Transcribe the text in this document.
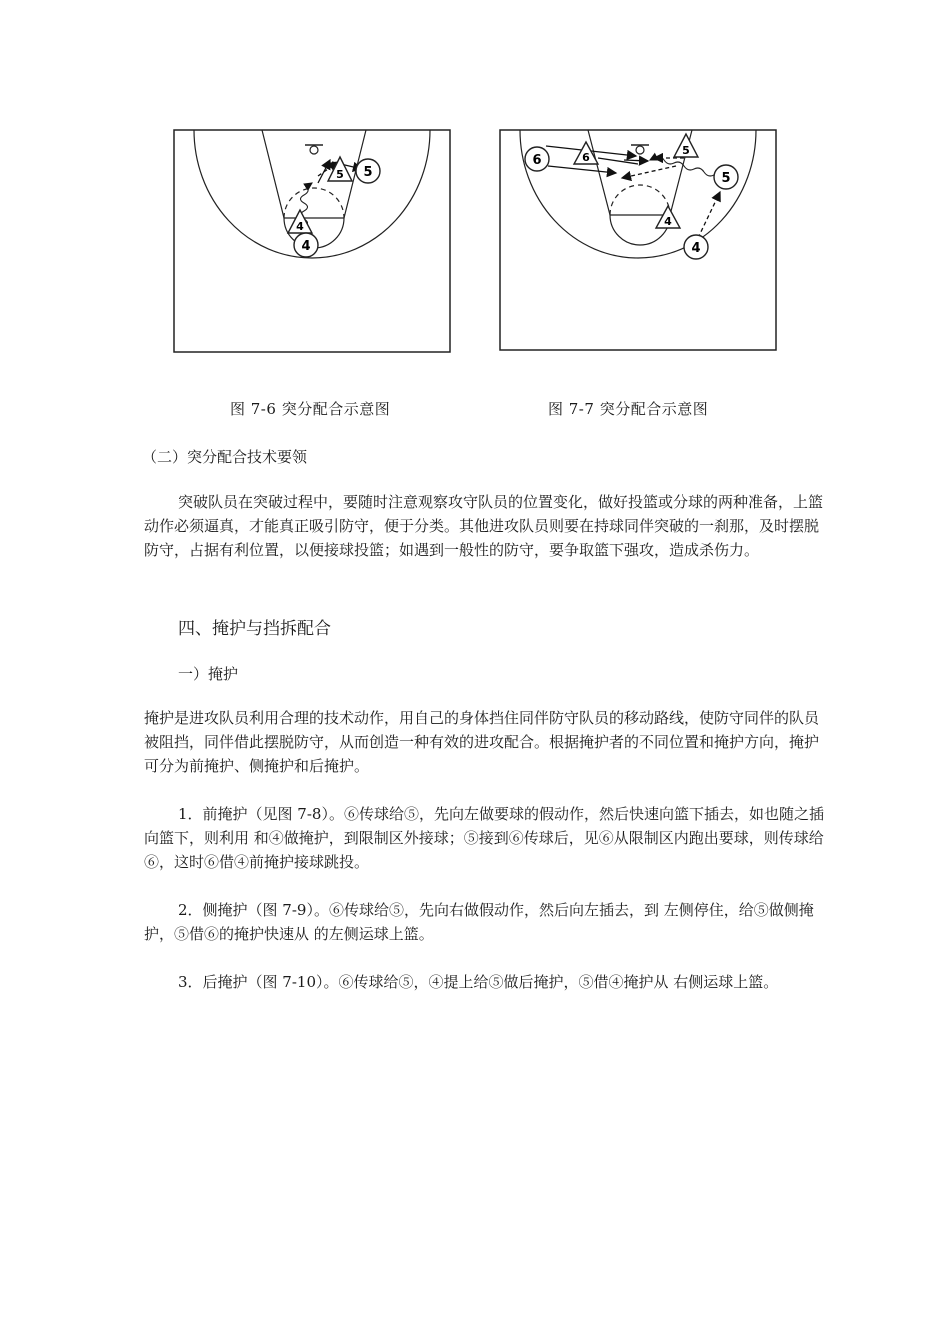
5
5
4
4
6	6
5
5
4
4
图 7-6 突分配合示意图	图 7-7 突分配合示意图
（二）突分配合技术要领

突破队员在突破过程中，要随时注意观察攻守队员的位置变化，做好投篮或分球的两种准备，上篮动作必须逼真，才能真正吸引防守，便于分类。其他进攻队员则要在持球同伴突破的一刹那，及时摆脱防守，占据有利位置，以便接球投篮；如遇到一般性的防守，要争取篮下强攻，造成杀伤力。

四、掩护与挡拆配合
一）掩护

掩护是进攻队员利用合理的技术动作，用自己的身体挡住同伴防守队员的移动路线，使防守同伴的队员被阻挡，同伴借此摆脱防守，从而创造一种有效的进攻配合。根据掩护者的不同位置和掩护方向，掩护可分为前掩护、侧掩护和后掩护。

1．前掩护（见图 7-8）。⑥传球给⑤，先向左做要球的假动作，然后快速向篮下插去，如也随之插向篮下，则利用 和④做掩护，到限制区外接球；⑤接到⑥传球后，见⑥从限制区内跑出要球，则传球给⑥，这时⑥借④前掩护接球跳投。

2．侧掩护（图 7-9）。⑥传球给⑤，先向右做假动作，然后向左插去，到 左侧停住，给⑤做侧掩护，⑤借⑥的掩护快速从 的左侧运球上篮。

3．后掩护（图 7-10）。⑥传球给⑤，④提上给⑤做后掩护，⑤借④掩护从 右侧运球上篮。
